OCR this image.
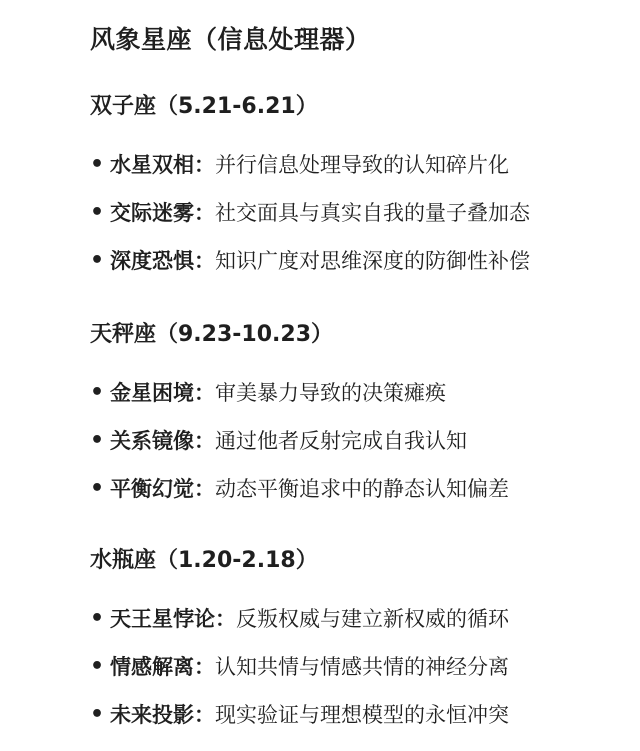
风象星座（信息处理器）
双子座（5.21-6.21）
• 水星双相：并行信息处理导致的认知碎片化
• 交际迷雾：社交面具与真实自我的量子叠加态
• 深度恐惧：知识广度对思维深度的防御性补偿
天秤座（9.23-10.23）
• 金星困境：审美暴力导致的决策瘫痪
• 关系镜像：通过他者反射完成自我认知
• 平衡幻觉：动态平衡追求中的静态认知偏差
水瓶座（1.20-2.18）
• 天王星悖论：反叛权威与建立新权威的循环
• 情感解离：认知共情与情感共情的神经分离
• 未来投影：现实验证与理想模型的永恒冲突
